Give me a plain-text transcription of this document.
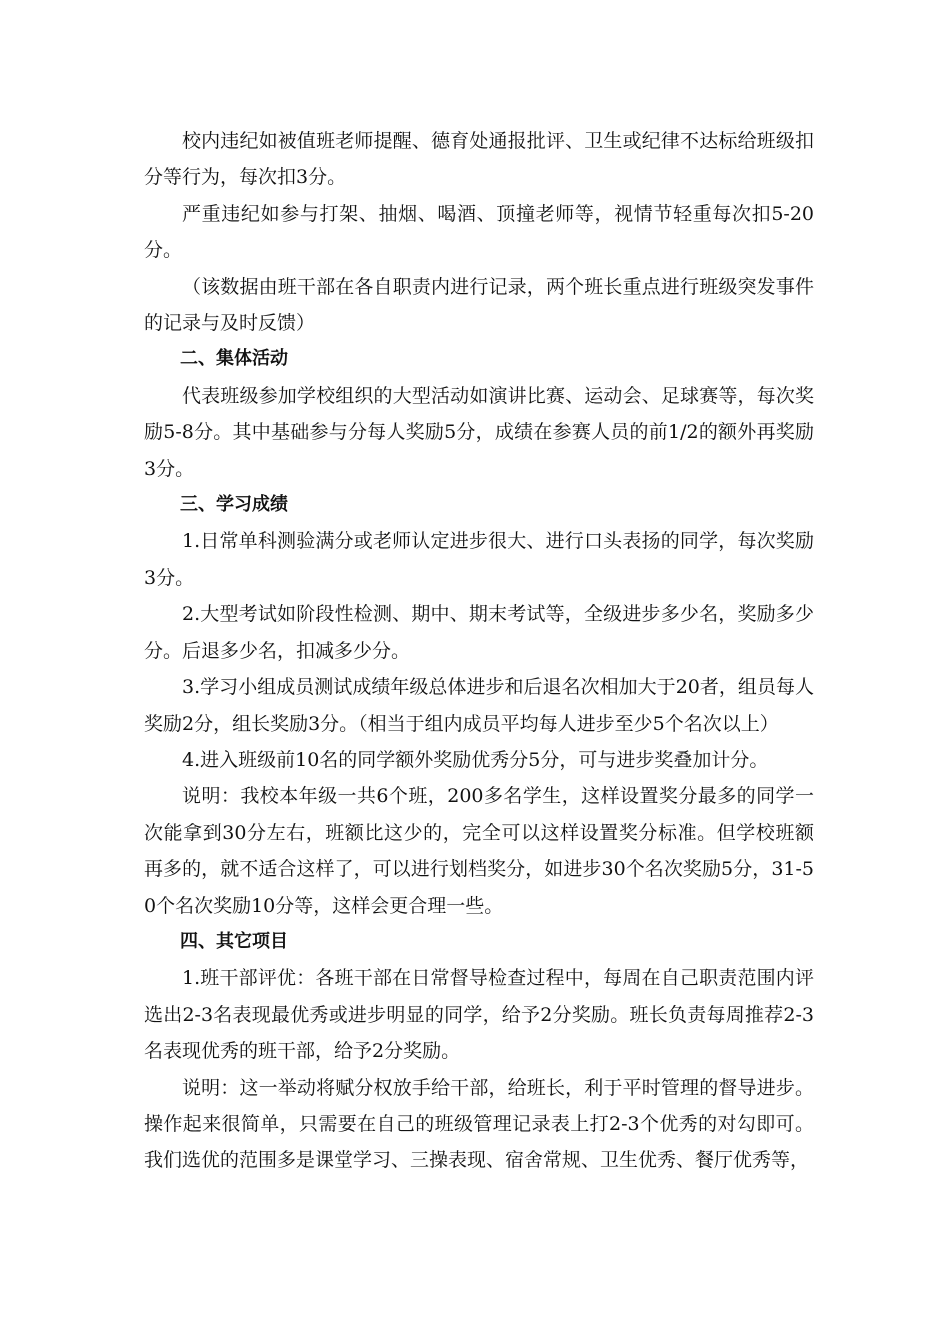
校内违纪如被值班老师提醒、德育处通报批评、卫生或纪律不达标给班级扣分等行为，每次扣3分。

严重违纪如参与打架、抽烟、喝酒、顶撞老师等，视情节轻重每次扣5-20分。

（该数据由班干部在各自职责内进行记录，两个班长重点进行班级突发事件的记录与及时反馈）

二、集体活动

代表班级参加学校组织的大型活动如演讲比赛、运动会、足球赛等，每次奖励5-8分。其中基础参与分每人奖励5分，成绩在参赛人员的前1/2的额外再奖励3分。

三、学习成绩

1.日常单科测验满分或老师认定进步很大、进行口头表扬的同学，每次奖励3分。

2.大型考试如阶段性检测、期中、期末考试等，全级进步多少名，奖励多少分。后退多少名，扣减多少分。

3.学习小组成员测试成绩年级总体进步和后退名次相加大于20者，组员每人奖励2分，组长奖励3分。（相当于组内成员平均每人进步至少5个名次以上）

4.进入班级前10名的同学额外奖励优秀分5分，可与进步奖叠加计分。

说明：我校本年级一共6个班，200多名学生，这样设置奖分最多的同学一次能拿到30分左右，班额比这少的，完全可以这样设置奖分标准。但学校班额再多的，就不适合这样了，可以进行划档奖分，如进步30个名次奖励5分，31-50个名次奖励10分等，这样会更合理一些。

四、其它项目

1.班干部评优：各班干部在日常督导检查过程中，每周在自己职责范围内评选出2-3名表现最优秀或进步明显的同学，给予2分奖励。班长负责每周推荐2-3名表现优秀的班干部，给予2分奖励。

说明：这一举动将赋分权放手给干部，给班长，利于平时管理的督导进步。操作起来很简单，只需要在自己的班级管理记录表上打2-3个优秀的对勾即可。我们选优的范围多是课堂学习、三操表现、宿舍常规、卫生优秀、餐厅优秀等，
